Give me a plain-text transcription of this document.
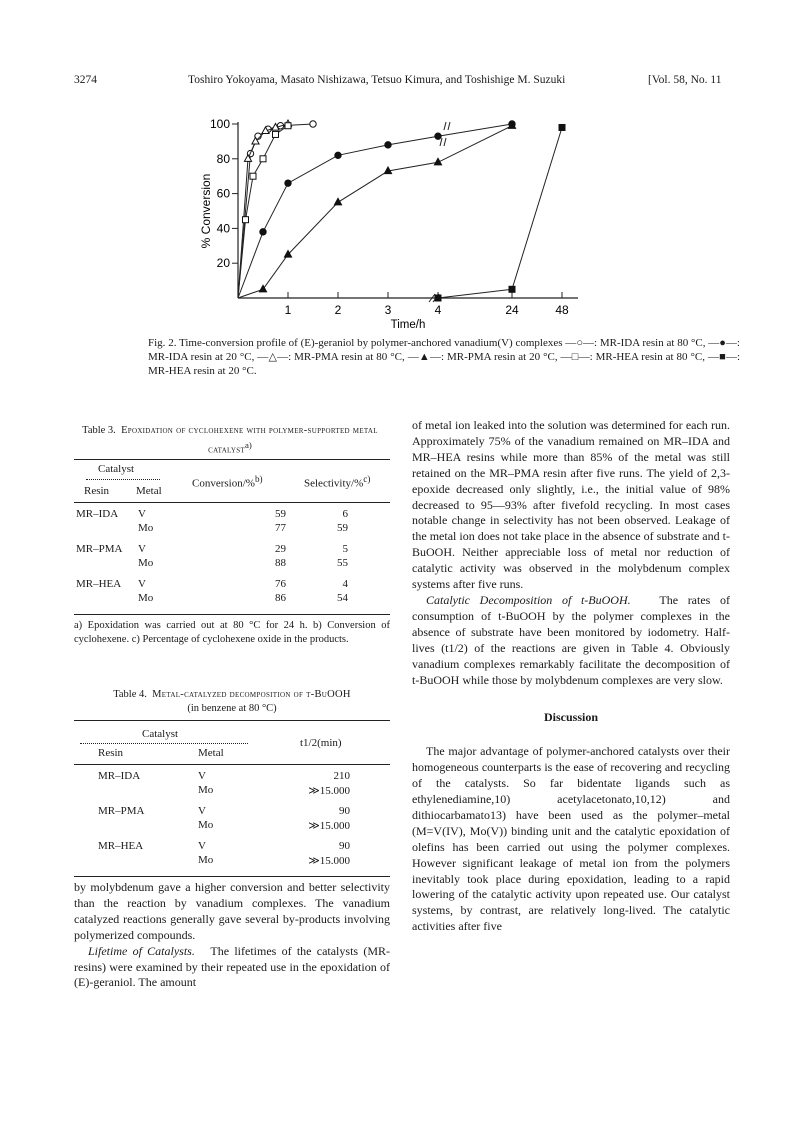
3274	Toshiro Yokoyama, Masato Nishizawa, Tetsuo Kimura, and Toshishige M. Suzuki	[Vol. 58, No. 11
20
40
60
80
100
1	2	3	4	24	48
Time/h
% Conversion
Fig. 2. Time-conversion profile of (E)-geraniol by polymer-anchored vanadium(V) complexes —○—: MR-IDA resin at 80 °C, —●—: MR-IDA resin at 20 °C, —△—: MR-PMA resin at 80 °C, —▲—: MR-PMA resin at 20 °C, —□—: MR-HEA resin at 80 °C, —■—: MR-HEA resin at 20 °C.
Table 3. Epoxidation of cyclohexene with polymer-supported metal catalyst$^{a)}$
Catalyst
Resin Metal
Conversion/%$^{b)}$	Selectivity/%$^{c)}$
MR–IDA	V	59	6
	Mo	77	59
MR–PMA	V	29	5
	Mo	88	55
MR–HEA	V	76	4
	Mo	86	54
a) Epoxidation was carried out at 80 °C for 24 h. b) Conversion of cyclohexene. c) Percentage of cyclohexene oxide in the products.
Table 4. Metal-catalyzed decomposition of t-BuOOH
(in benzene at 80 °C)
Catalyst
Resin	Metal
t1/2(min)
MR–IDA	V	210
	Mo	≫15.000
MR–PMA	V	90
	Mo	≫15.000
MR–HEA	V	90
	Mo	≫15.000

by molybdenum gave a higher conversion and better selectivity than the reaction by vanadium complexes. The vanadium catalyzed reactions generally gave several by-products involving polymerized compounds.

Lifetime of Catalysts. The lifetimes of the catalysts (MR-resins) were examined by their repeated use in the epoxidation of (E)-geraniol. The amount

of metal ion leaked into the solution was determined for each run. Approximately 75% of the vanadium remained on MR–IDA and MR–HEA resins while more than 85% of the metal was still retained on the MR–PMA resin after five runs. The yield of 2,3-epoxide decreased only slightly, i.e., the initial value of 98% decreased to 95—93% after fivefold recycling. In most cases notable change in selectivity has not been observed. Leakage of the metal ion does not take place in the absence of substrate and t-BuOOH. Neither appreciable loss of metal nor reduction of catalytic activity was observed in the molybdenum complex systems after five runs.

Catalytic Decomposition of t-BuOOH. The rates of consumption of t-BuOOH by the polymer complexes in the absence of substrate have been monitored by iodometry. Half-lives (t1/2) of the reactions are given in Table 4. Obviously vanadium complexes remarkably facilitate the decomposition of t-BuOOH while those by molybdenum complexes are very slow.

Discussion

The major advantage of polymer-anchored catalysts over their homogeneous counterparts is the ease of recovering and recycling of the catalysts. So far bidentate ligands such as ethylenediamine,10) acetylacetonato,10,12) and dithiocarbamato13) have been used as the polymer–metal (M=V(IV), Mo(V)) binding unit and the catalytic epoxidation of olefins has been carried out using the polymer complexes. However significant leakage of metal ion from the polymers inevitably took place during epoxidation, leading to a rapid lowering of the catalytic activity upon repeated use. Our catalyst systems, by contrast, are relatively long-lived. The catalytic activities after five
